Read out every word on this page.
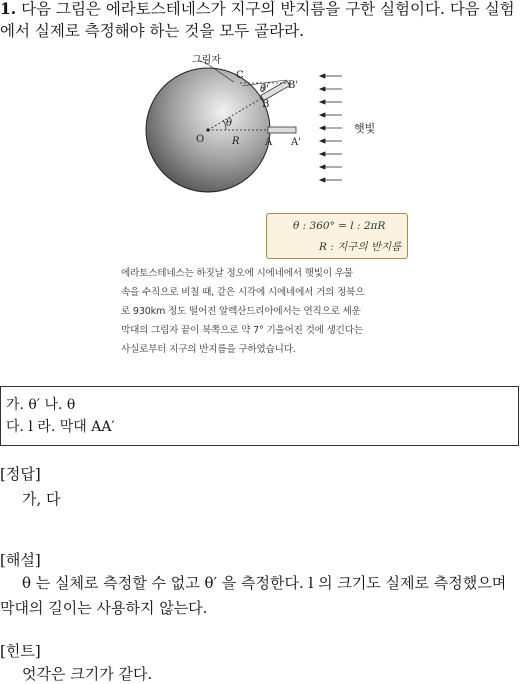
1. 다음 그림은 에라토스테네스가 지구의 반지름을 구한 실험이다. 다음 실험
에서 실제로 측정해야 하는 것을 모두 골라라.
그림자
C
B'
θ'
B
θ
O	R	A A'
햇빛
θ : 360° = l : 2πR
R : 지구의 반지름
에라토스테네스는 하짓날 정오에 시에네에서 햇빛이 우물
속을 수직으로 비칠 때, 같은 시각에 시에네에서 거의 정북으
로 930km 정도 떨어진 알렉산드리아에서는 연직으로 세운
막대의 그림자 끝이 북쪽으로 약 7° 기울어진 것에 생긴다는
사실로부터 지구의 반지름을 구하였습니다.
가. θ′ 나. θ
다. l 라. 막대 AA′
[정답]
가, 다
[해설]
θ 는 실체로 측정할 수 없고 θ′ 을 측정한다. l 의 크기도 실제로 측정했으며
막대의 길이는 사용하지 않는다.
[힌트]
엇각은 크기가 같다.
